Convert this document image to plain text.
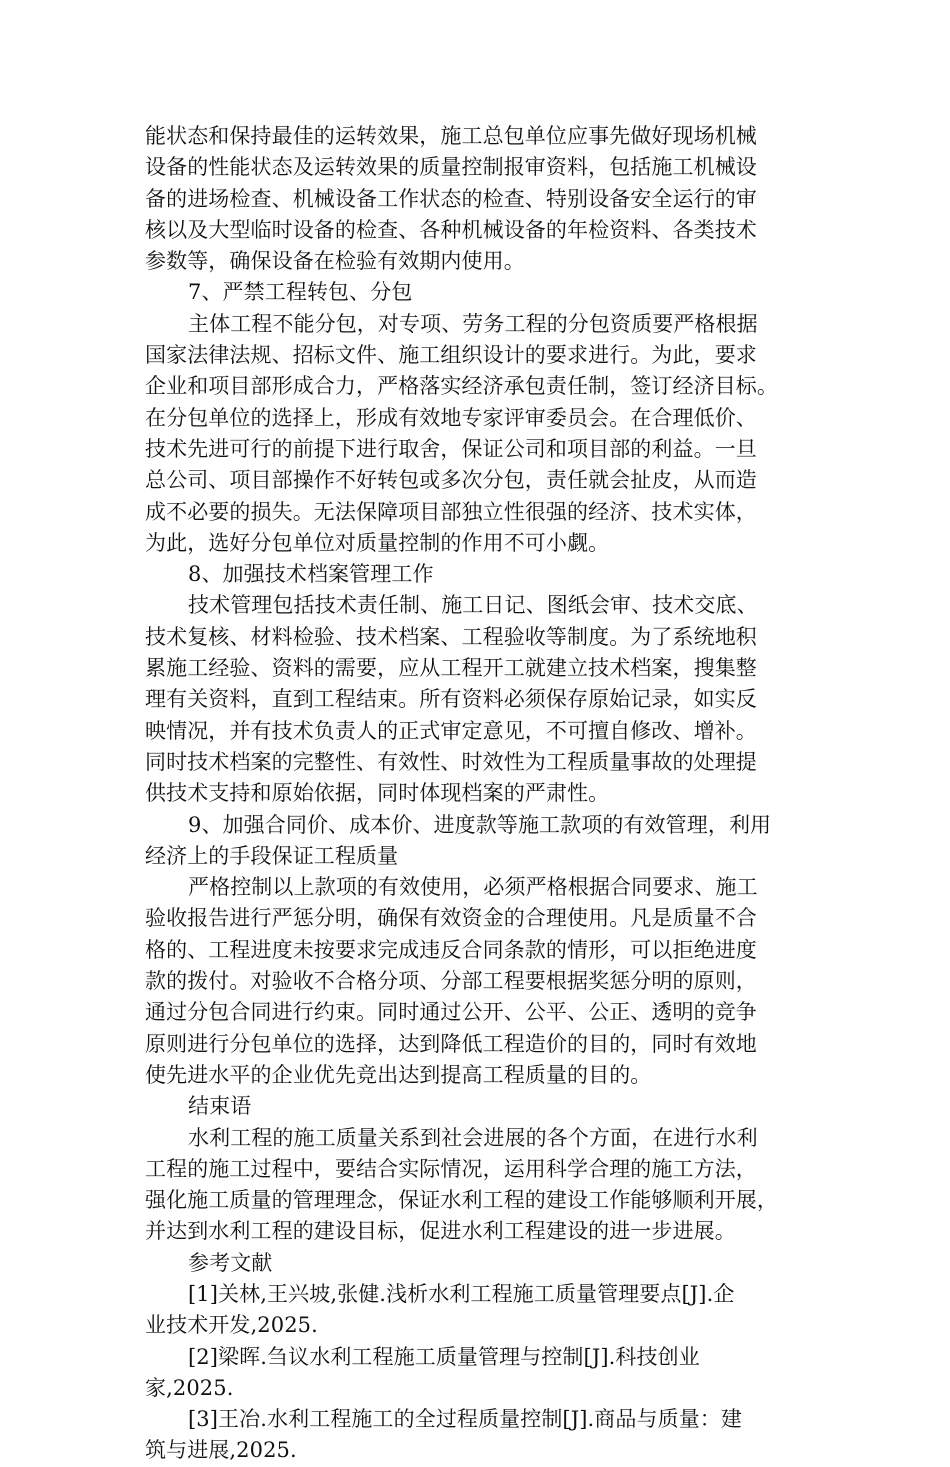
能状态和保持最佳的运转效果，施工总包单位应事先做好现场机械

设备的性能状态及运转效果的质量控制报审资料，包括施工机械设

备的进场检查、机械设备工作状态的检查、特别设备安全运行的审

核以及大型临时设备的检查、各种机械设备的年检资料、各类技术

参数等，确保设备在检验有效期内使用。

7、严禁工程转包、分包

主体工程不能分包，对专项、劳务工程的分包资质要严格根据

国家法律法规、招标文件、施工组织设计的要求进行。为此，要求

企业和项目部形成合力，严格落实经济承包责任制，签订经济目标。

在分包单位的选择上，形成有效地专家评审委员会。在合理低价、

技术先进可行的前提下进行取舍，保证公司和项目部的利益。一旦

总公司、项目部操作不好转包或多次分包，责任就会扯皮，从而造

成不必要的损失。无法保障项目部独立性很强的经济、技术实体，

为此，选好分包单位对质量控制的作用不可小觑。

8、加强技术档案管理工作

技术管理包括技术责任制、施工日记、图纸会审、技术交底、

技术复核、材料检验、技术档案、工程验收等制度。为了系统地积

累施工经验、资料的需要，应从工程开工就建立技术档案，搜集整

理有关资料，直到工程结束。所有资料必须保存原始记录，如实反

映情况，并有技术负责人的正式审定意见，不可擅自修改、增补。

同时技术档案的完整性、有效性、时效性为工程质量事故的处理提

供技术支持和原始依据，同时体现档案的严肃性。

9、加强合同价、成本价、进度款等施工款项的有效管理，利用

经济上的手段保证工程质量

严格控制以上款项的有效使用，必须严格根据合同要求、施工

验收报告进行严惩分明，确保有效资金的合理使用。凡是质量不合

格的、工程进度未按要求完成违反合同条款的情形，可以拒绝进度

款的拨付。对验收不合格分项、分部工程要根据奖惩分明的原则，

通过分包合同进行约束。同时通过公开、公平、公正、透明的竞争

原则进行分包单位的选择，达到降低工程造价的目的，同时有效地

使先进水平的企业优先竞出达到提高工程质量的目的。

结束语

水利工程的施工质量关系到社会进展的各个方面，在进行水利

工程的施工过程中，要结合实际情况，运用科学合理的施工方法，

强化施工质量的管理理念，保证水利工程的建设工作能够顺利开展，

并达到水利工程的建设目标，促进水利工程建设的进一步进展。

参考文献

[1]关林,王兴坡,张健.浅析水利工程施工质量管理要点[J].企

业技术开发,2025.

[2]梁晖.刍议水利工程施工质量管理与控制[J].科技创业

家,2025.

[3]王冶.水利工程施工的全过程质量控制[J].商品与质量：建

筑与进展,2025.
